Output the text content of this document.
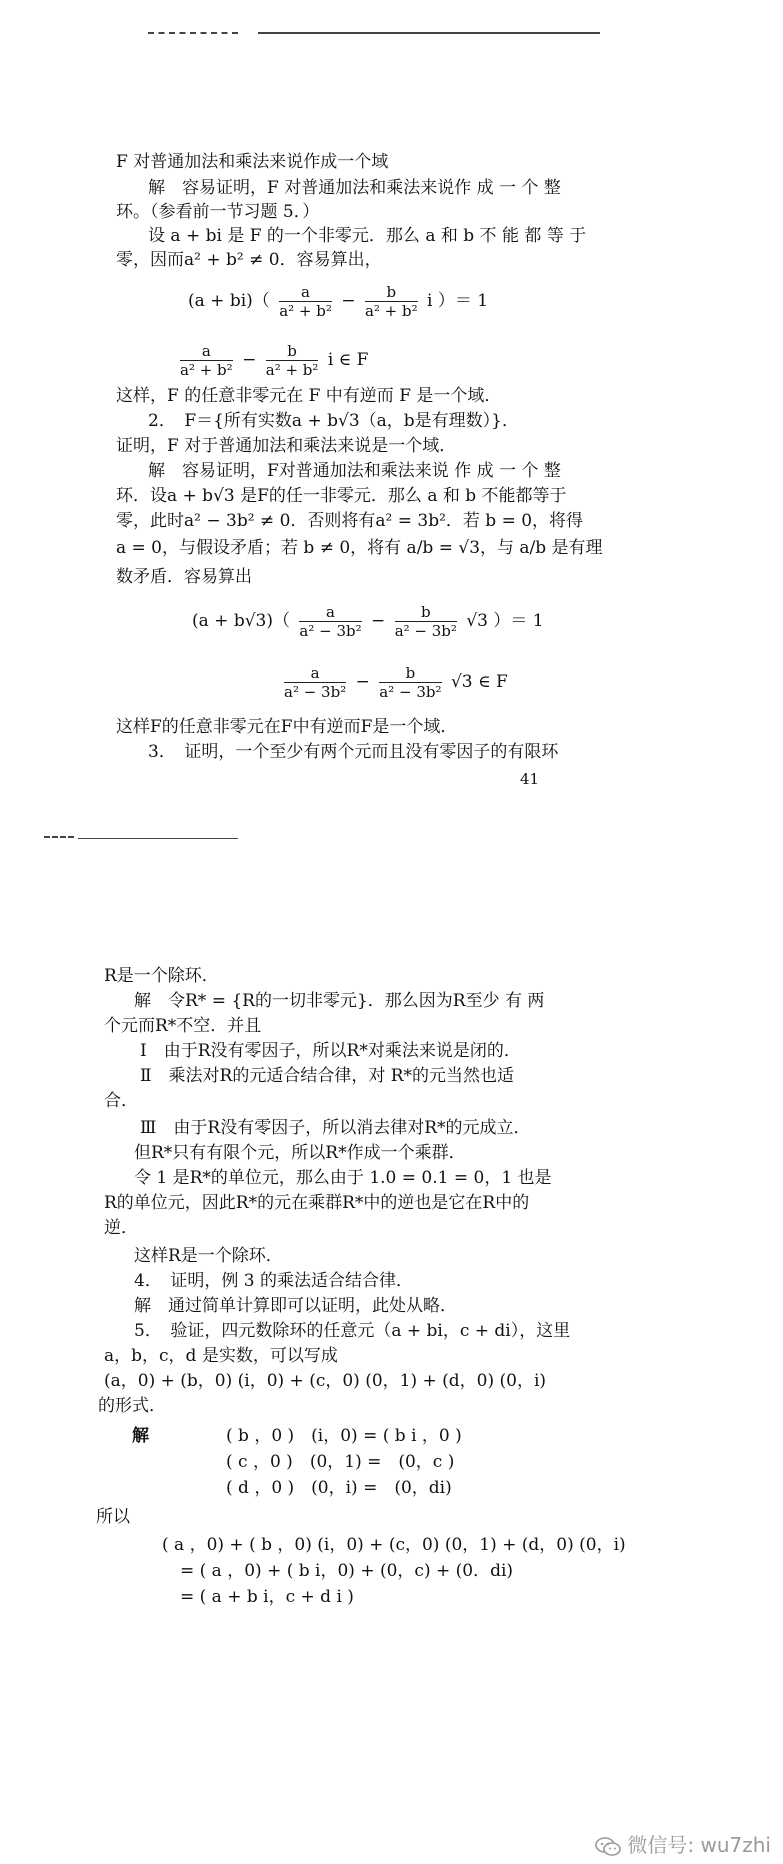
F 对普通加法和乘法来说作成一个域
解　容易证明，F 对普通加法和乘法来说作 成 一 个 整
环。（参看前一节习题 5．）
设 a + bi 是 F 的一个非零元．那么 a 和 b 不 能 都 等 于
零，因而a² + b² ≠ 0．容易算出，
$(a + bi)( \frac{a}{\text{a² + b²}} - \frac{b}{\text{a² + b²}}$ i ）＝ 1
$\frac{a}{\text{a² + b²}} - \frac{b}{\text{a² + b²}}$ i ∈ F
这样，F 的任意非零元在 F 中有逆而 F 是一个域．
2．　F＝{所有实数a + b√3（a，b是有理数）}．
证明，F 对于普通加法和乘法来说是一个域．
解　容易证明，F对普通加法和乘法来说 作 成 一 个 整
环．设a + b√3 是F的任一非零元．那么 a 和 b 不能都等于
零，此时a² − 3b² ≠ 0．否则将有a² = 3b²．若 b = 0，将得
a = 0，与假设矛盾；若 b ≠ 0，将有 a/b = √3，与 a/b 是有理
数矛盾．容易算出
$(a + b√3)( \frac{a}{\text{a² − 3b²}} - \frac{b}{\text{a² − 3b²}} √3$ ）＝ 1
$\frac{a}{\text{a² − 3b²}} - \frac{b}{\text{a² − 3b²}} √3$ ∈ F
这样F的任意非零元在F中有逆而F是一个域．
3．　证明，一个至少有两个元而且没有零因子的有限环
41
R是一个除环．
解　令R* = {R的一切非零元}．那么因为R至少 有 两
个元而R*不空．并且
Ⅰ　由于R没有零因子，所以R*对乘法来说是闭的．
Ⅱ　乘法对R的元适合结合律，对 R*的元当然也适
合．
Ⅲ　由于R没有零因子，所以消去律对R*的元成立．
但R*只有有限个元，所以R*作成一个乘群．
令 1 是R*的单位元，那么由于 1.0 = 0.1 = 0，1 也是
R的单位元，因此R*的元在乘群R*中的逆也是它在R中的
逆．
这样R是一个除环．
4．　证明，例 3 的乘法适合结合律．
解　通过简单计算即可以证明，此处从略．
5．　验证，四元数除环的任意元（a + bi，c + di），这里
a，b，c，d 是实数，可以写成
(a，0) + (b，0) (i，0) + (c，0) (0，1) + (d，0) (0，i)
的形式．
解	( b ，0 )　(i，0) = ( b i ，0 )
( c ，0 )　(0，1) =　(0，c )
( d ，0 )　(0，i) =　(0，di)
所以
( a ，0) + ( b ，0) (i，0) + (c，0) (0，1) + (d，0) (0，i)
= ( a ，0) + ( b i，0) + (0，c) + (0．di)
= ( a + b i，c + d i )
微信号: wu7zhi
